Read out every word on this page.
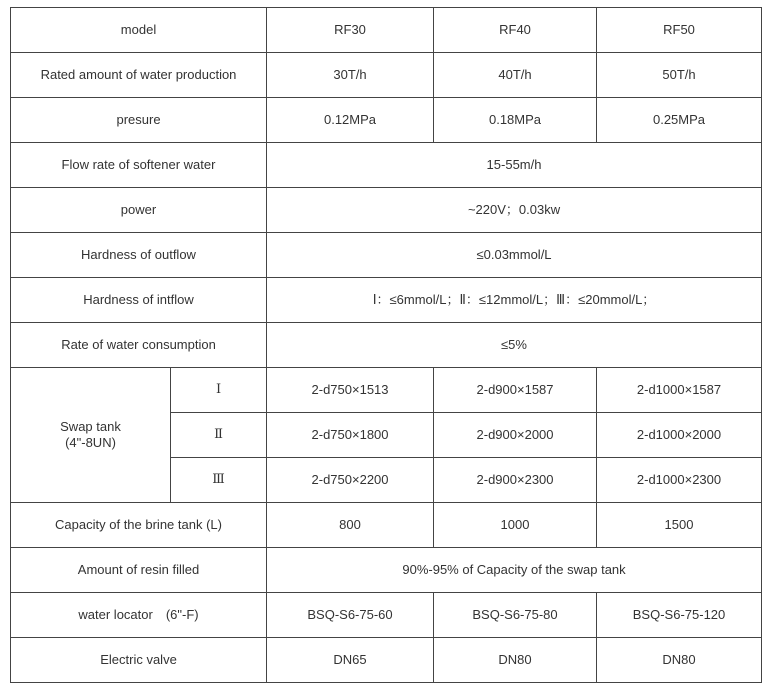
model		RF30	RF40	RF50
Rated amount of water production		30T/h	40T/h	50T/h
presure		0.12MPa	0.18MPa	0.25MPa
Flow rate of softener water		15-55m/h		
power		~220V；0.03kw		
Hardness of outflow		≤0.03mmol/L		
Hardness of intflow		Ⅰ：≤6mmol/L；Ⅱ：≤12mmol/L；Ⅲ：≤20mmol/L；		
Rate of water consumption		≤5%		
Swap tank
(4"-8UN)	Ⅰ	2-d750×1513	2-d900×1587	2-d1000×1587
	Ⅱ	2-d750×1800	2-d900×2000	2-d1000×2000
	Ⅲ	2-d750×2200	2-d900×2300	2-d1000×2300
Capacity of the brine tank (L)		800	1000	1500
Amount of resin filled		90%-95% of Capacity of the swap tank		
water locator　(6"-F)		BSQ-S6-75-60	BSQ-S6-75-80	BSQ-S6-75-120
Electric valve		DN65	DN80	DN80
